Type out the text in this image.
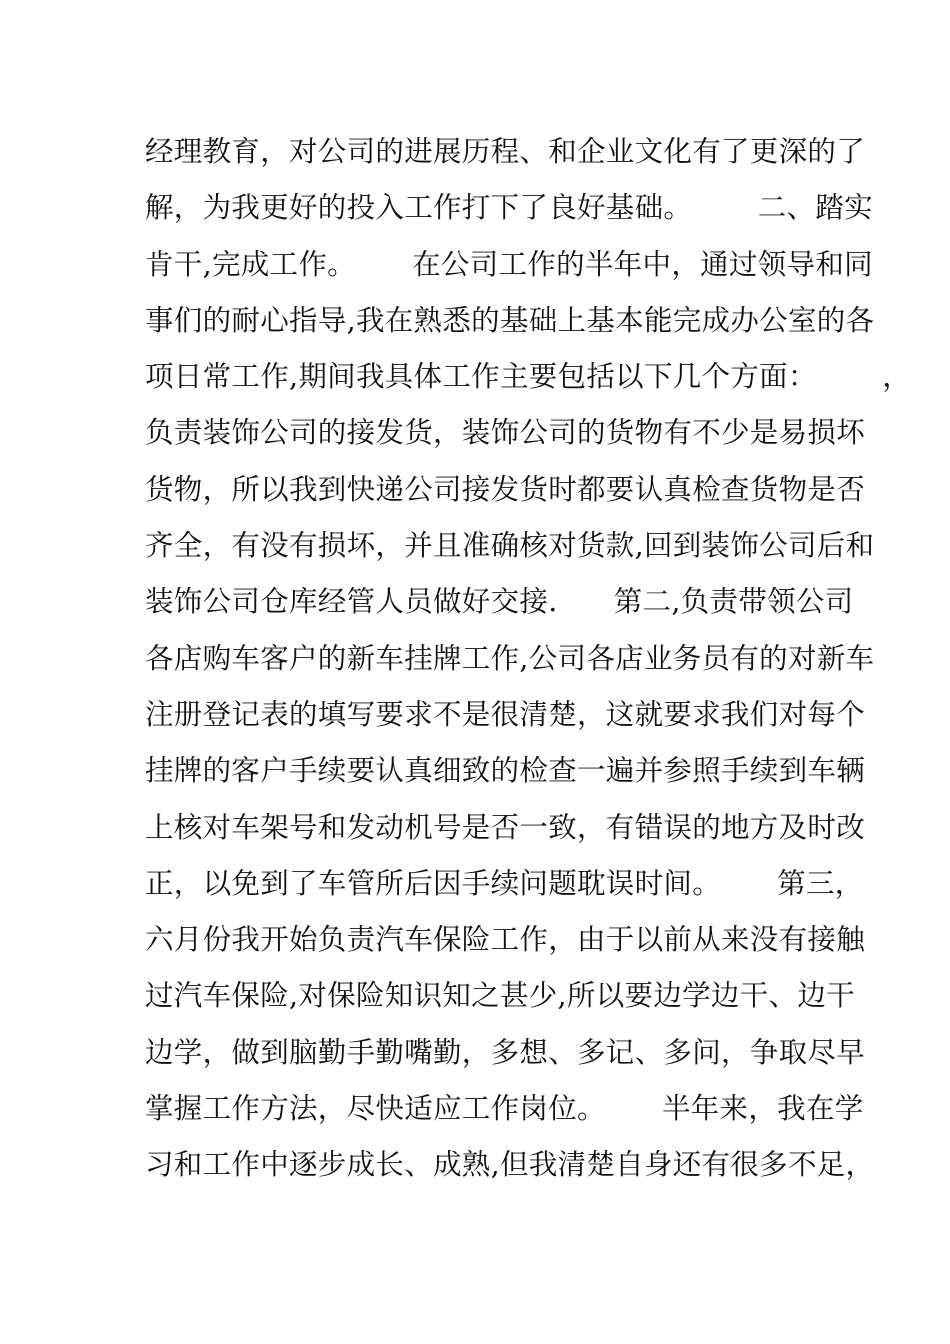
经理教育，对公司的进展历程、和企业文化有了更深的了
解，为我更好的投入工作打下了良好基础。       二、踏实
肯干,完成工作。      在公司工作的半年中，通过领导和同
事们的耐心指导,我在熟悉的基础上基本能完成办公室的各
项日常工作,期间我具体工作主要包括以下几个方面：       ，
负责装饰公司的接发货，装饰公司的货物有不少是易损坏
货物，所以我到快递公司接发货时都要认真检查货物是否
齐全，有没有损坏，并且准确核对货款,回到装饰公司后和
装饰公司仓库经管人员做好交接.      第二,负责带领公司
各店购车客户的新车挂牌工作,公司各店业务员有的对新车
注册登记表的填写要求不是很清楚，这就要求我们对每个
挂牌的客户手续要认真细致的检查一遍并参照手续到车辆
上核对车架号和发动机号是否一致，有错误的地方及时改
正，以免到了车管所后因手续问题耽误时间。      第三，
六月份我开始负责汽车保险工作，由于以前从来没有接触
过汽车保险,对保险知识知之甚少,所以要边学边干、边干
边学，做到脑勤手勤嘴勤，多想、多记、多问，争取尽早
掌握工作方法，尽快适应工作岗位。      半年来，我在学
习和工作中逐步成长、成熟,但我清楚自身还有很多不足，
